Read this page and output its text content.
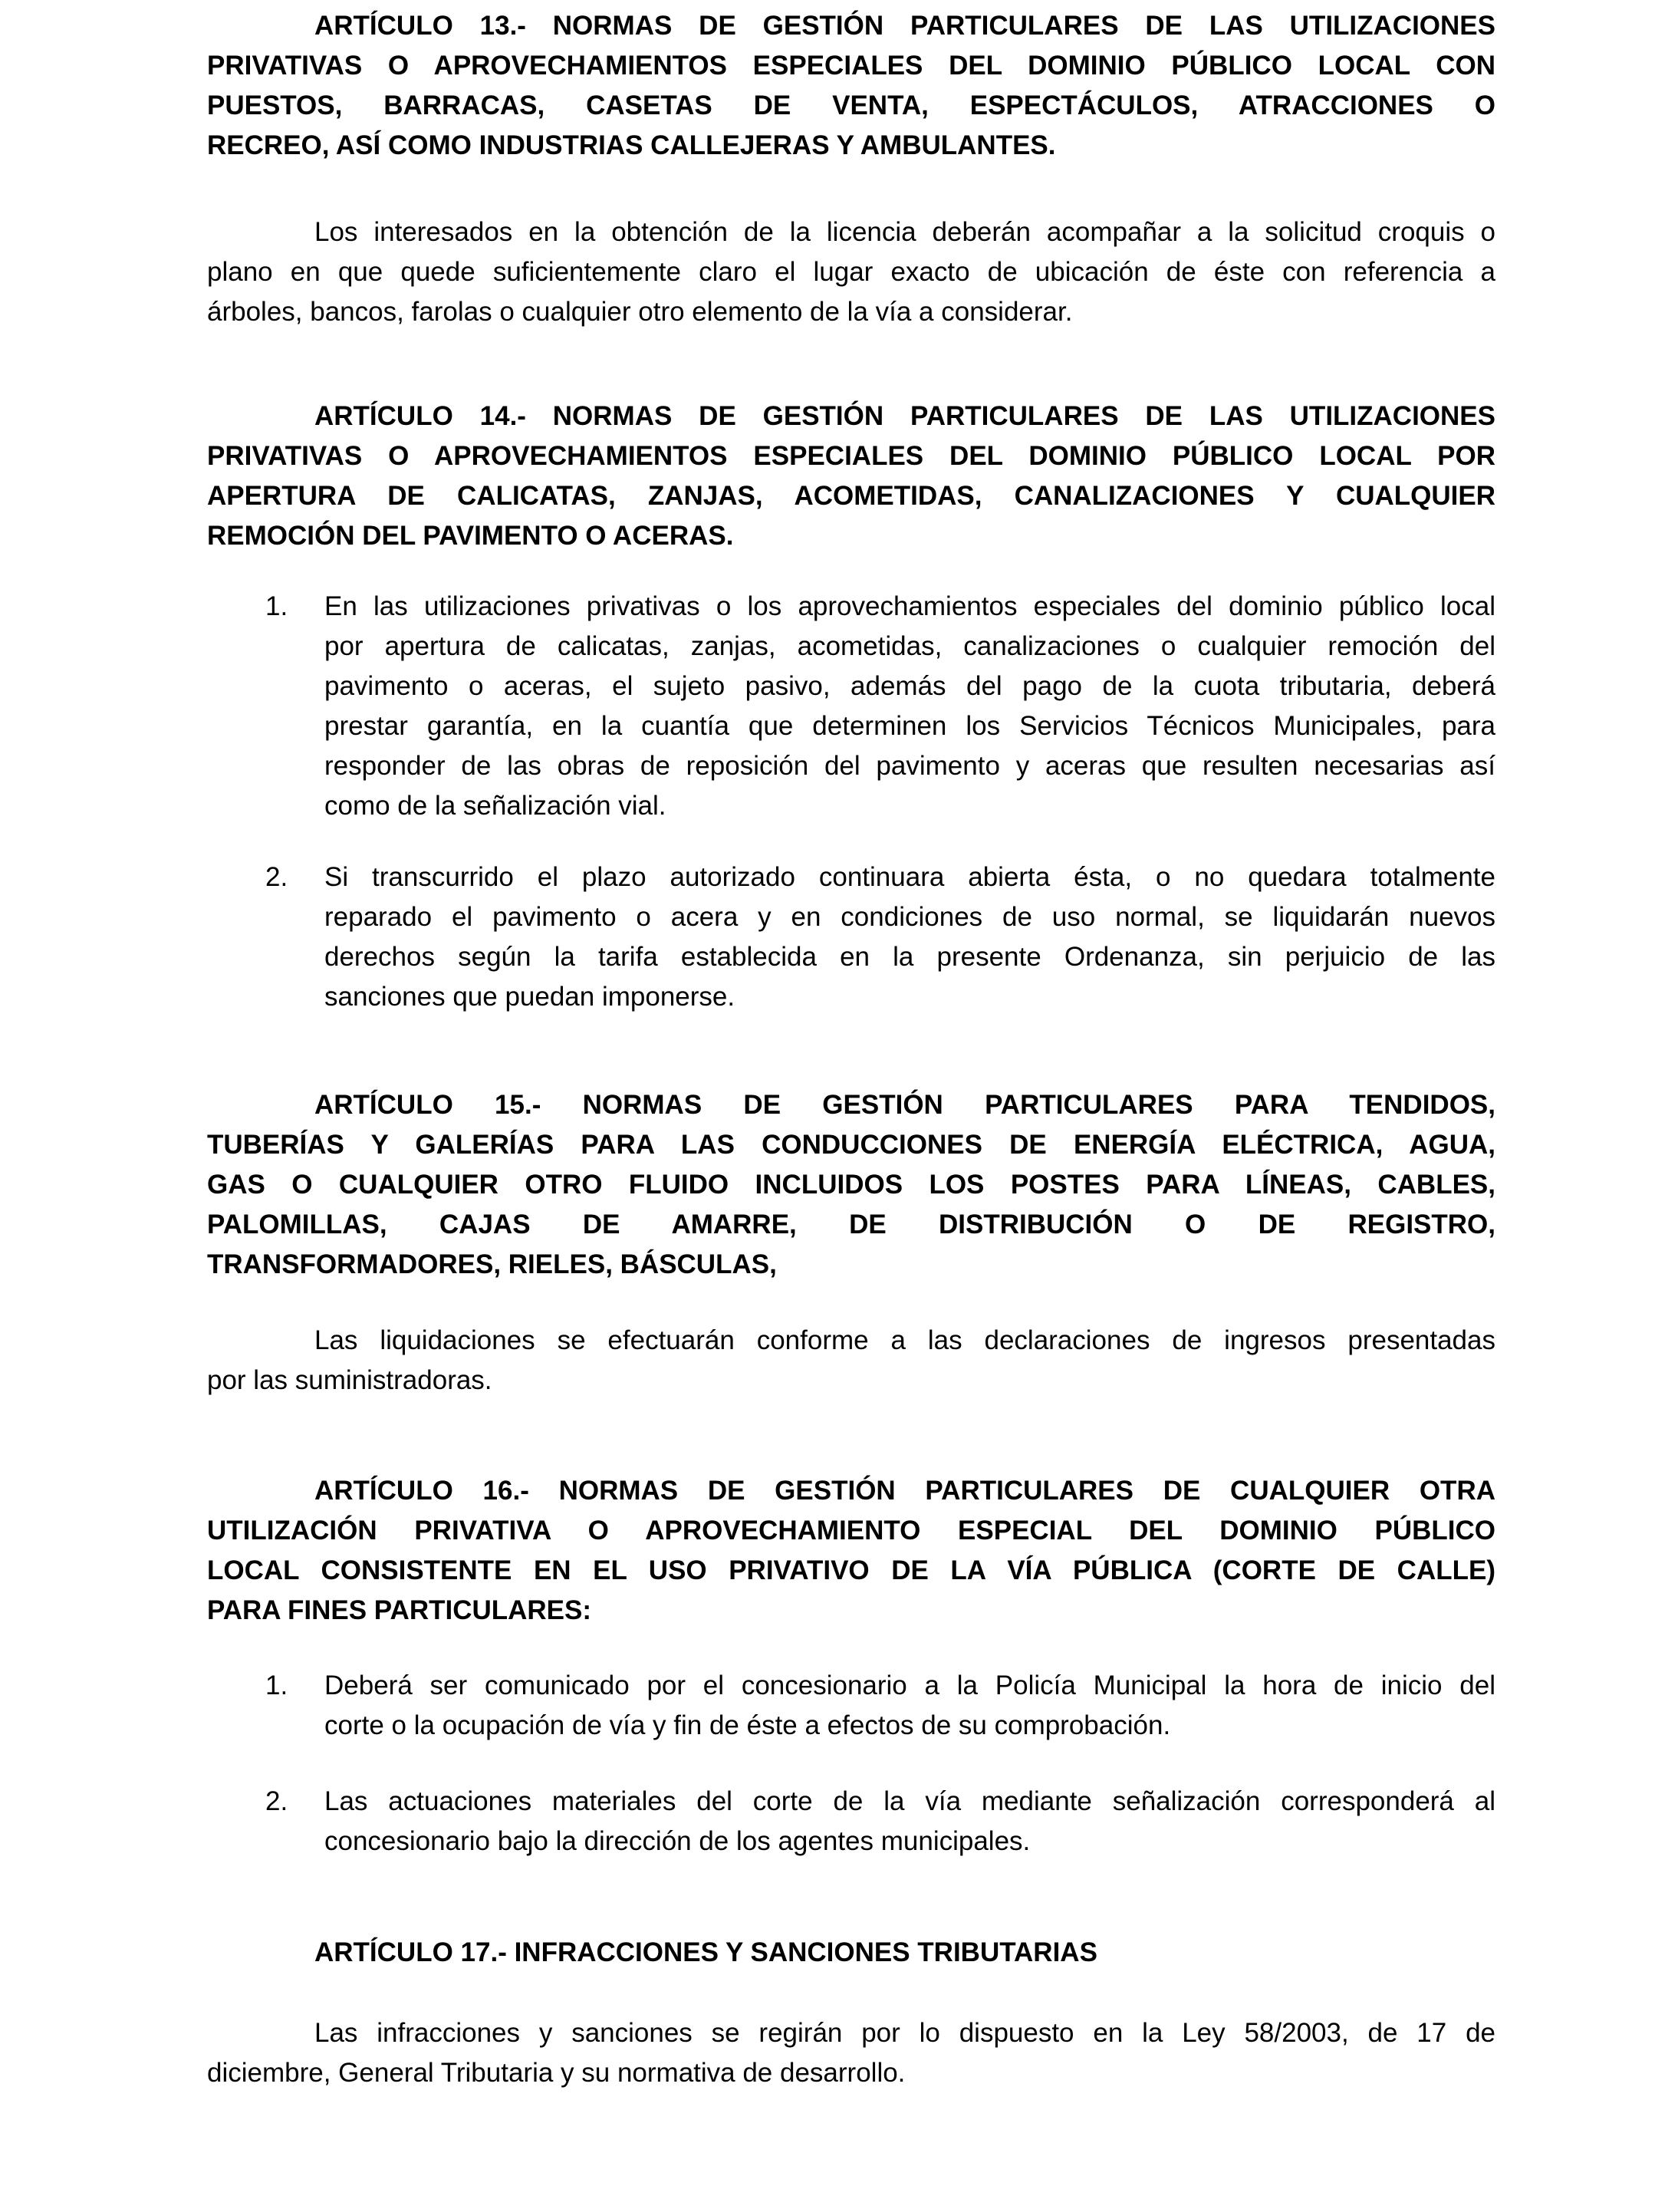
ARTÍCULO 13.- NORMAS DE GESTIÓN PARTICULARES DE LAS UTILIZACIONES
PRIVATIVAS O APROVECHAMIENTOS ESPECIALES DEL DOMINIO PÚBLICO LOCAL CON
PUESTOS, BARRACAS, CASETAS DE VENTA, ESPECTÁCULOS, ATRACCIONES O
RECREO, ASÍ COMO INDUSTRIAS CALLEJERAS Y AMBULANTES.
Los interesados en la obtención de la licencia deberán acompañar a la solicitud croquis o
plano en que quede suficientemente claro el lugar exacto de ubicación de éste con referencia a
árboles, bancos, farolas o cualquier otro elemento de la vía a considerar.
ARTÍCULO 14.- NORMAS DE GESTIÓN PARTICULARES DE LAS UTILIZACIONES
PRIVATIVAS O APROVECHAMIENTOS ESPECIALES DEL DOMINIO PÚBLICO LOCAL POR
APERTURA DE CALICATAS, ZANJAS, ACOMETIDAS, CANALIZACIONES Y CUALQUIER
REMOCIÓN DEL PAVIMENTO O ACERAS.
1. En las utilizaciones privativas o los aprovechamientos especiales del dominio público local
por apertura de calicatas, zanjas, acometidas, canalizaciones o cualquier remoción del
pavimento o aceras, el sujeto pasivo, además del pago de la cuota tributaria, deberá
prestar garantía, en la cuantía que determinen los Servicios Técnicos Municipales, para
responder de las obras de reposición del pavimento y aceras que resulten necesarias así
como de la señalización vial.
2. Si transcurrido el plazo autorizado continuara abierta ésta, o no quedara totalmente
reparado el pavimento o acera y en condiciones de uso normal, se liquidarán nuevos
derechos según la tarifa establecida en la presente Ordenanza, sin perjuicio de las
sanciones que puedan imponerse.
ARTÍCULO 15.- NORMAS DE GESTIÓN PARTICULARES PARA TENDIDOS,
TUBERÍAS Y GALERÍAS PARA LAS CONDUCCIONES DE ENERGÍA ELÉCTRICA, AGUA,
GAS O CUALQUIER OTRO FLUIDO INCLUIDOS LOS POSTES PARA LÍNEAS, CABLES,
PALOMILLAS, CAJAS DE AMARRE, DE DISTRIBUCIÓN O DE REGISTRO,
TRANSFORMADORES, RIELES, BÁSCULAS,
Las liquidaciones se efectuarán conforme a las declaraciones de ingresos presentadas
por las suministradoras.
ARTÍCULO 16.- NORMAS DE GESTIÓN PARTICULARES DE CUALQUIER OTRA
UTILIZACIÓN PRIVATIVA O APROVECHAMIENTO ESPECIAL DEL DOMINIO PÚBLICO
LOCAL CONSISTENTE EN EL USO PRIVATIVO DE LA VÍA PÚBLICA (CORTE DE CALLE)
PARA FINES PARTICULARES:
1. Deberá ser comunicado por el concesionario a la Policía Municipal la hora de inicio del
corte o la ocupación de vía y fin de éste a efectos de su comprobación.
2. Las actuaciones materiales del corte de la vía mediante señalización corresponderá al
concesionario bajo la dirección de los agentes municipales.
ARTÍCULO 17.- INFRACCIONES Y SANCIONES TRIBUTARIAS
Las infracciones y sanciones se regirán por lo dispuesto en la Ley 58/2003, de 17 de
diciembre, General Tributaria y su normativa de desarrollo.
